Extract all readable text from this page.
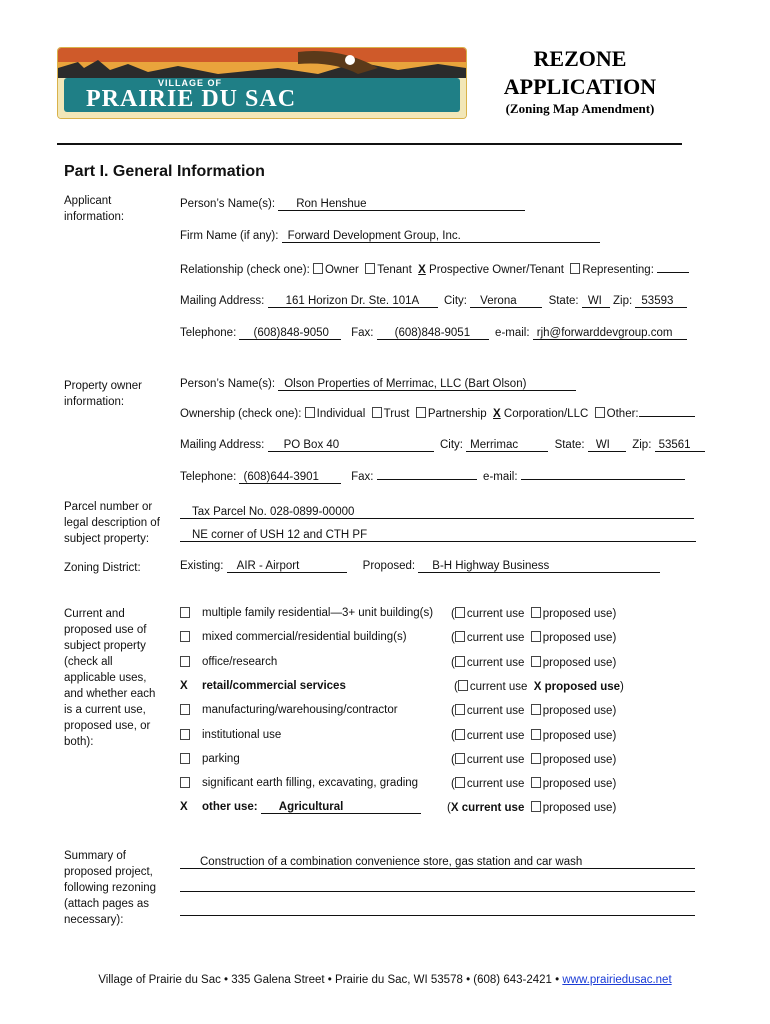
VILLAGE OF
PRAIRIE DU SAC
REZONE
APPLICATION
(Zoning Map Amendment)
Part I. General Information
Applicant information:
Person’s Name(s): Ron Henshue
Firm Name (if any): Forward Development Group, Inc.
Relationship (check one): Owner Tenant X Prospective Owner/Tenant Representing:
Mailing Address: 161 Horizon Dr. Ste. 101A City: Verona	State: WI Zip: 53593
Telephone: (608)848-9050 Fax: (608)848-9051 e-mail: rjh@forwarddevgroup.com
Property owner information:
Person’s Name(s): Olson Properties of Merrimac, LLC (Bart Olson)
Ownership (check one): Individual Trust Partnership X Corporation/LLC Other:
Mailing Address: PO Box 40	City: Merrimac	State: WI Zip: 53561
Telephone: (608)644-3901	Fax:	e-mail:
Parcel number or legal description of subject property:
Tax Parcel No. 028-0899-00000
NE corner of USH 12 and CTH PF
Zoning District:	Existing: AIR - Airport	Proposed: B-H Highway Business
Current and proposed use of subject property (check all applicable uses, and whether each is a current use, proposed use, or both):
multiple family residential—3+ unit building(s) ( current use proposed use)
mixed commercial/residential building(s)	( current use proposed use)
office/research	( current use proposed use)
X retail/commercial services	( current use X proposed use)
manufacturing/warehousing/contractor	( current use proposed use)
institutional use	( current use proposed use)
parking	( current use proposed use)
significant earth filling, excavating, grading	( current use proposed use)
X other use: Agricultural	(X current use proposed use)
Summary of proposed project, following rezoning (attach pages as necessary):
Construction of a combination convenience store, gas station and car wash
Village of Prairie du Sac • 335 Galena Street • Prairie du Sac, WI 53578 • (608) 643-2421 • www.prairiedusac.net
